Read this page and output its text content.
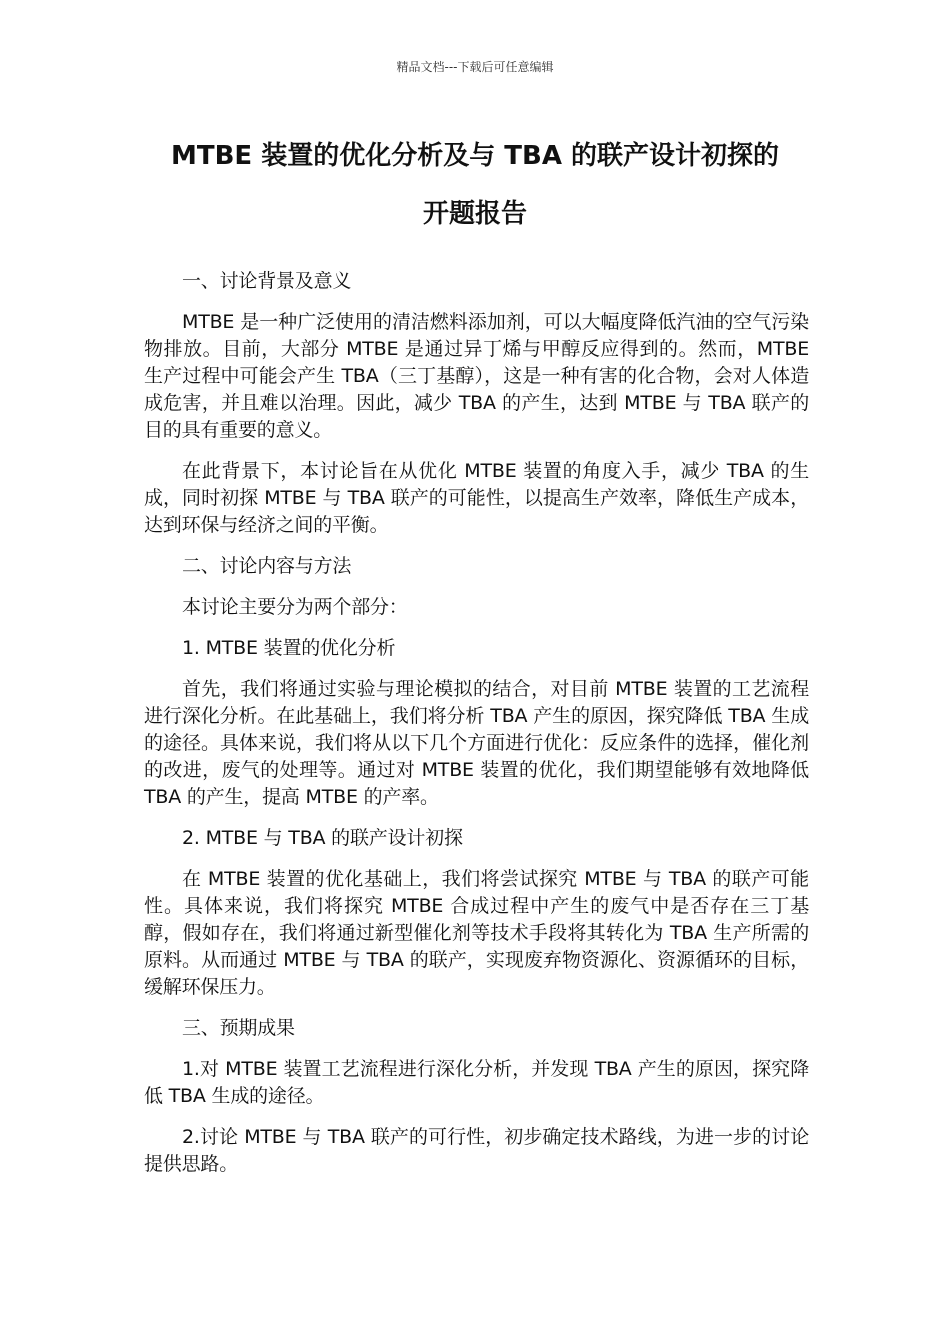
精品文档---下载后可任意编辑
MTBE 装置的优化分析及与 TBA 的联产设计初探的
开题报告

一、讨论背景及意义

MTBE 是一种广泛使用的清洁燃料添加剂，可以大幅度降低汽油的空气污染物排放。目前，大部分 MTBE 是通过异丁烯与甲醇反应得到的。然而，MTBE 生产过程中可能会产生 TBA（三丁基醇），这是一种有害的化合物，会对人体造成危害，并且难以治理。因此，减少 TBA 的产生，达到 MTBE 与 TBA 联产的目的具有重要的意义。

在此背景下，本讨论旨在从优化 MTBE 装置的角度入手，减少 TBA 的生成，同时初探 MTBE 与 TBA 联产的可能性，以提高生产效率，降低生产成本，达到环保与经济之间的平衡。

二、讨论内容与方法

本讨论主要分为两个部分：

1. MTBE 装置的优化分析

首先，我们将通过实验与理论模拟的结合，对目前 MTBE 装置的工艺流程进行深化分析。在此基础上，我们将分析 TBA 产生的原因，探究降低 TBA 生成的途径。具体来说，我们将从以下几个方面进行优化：反应条件的选择，催化剂的改进，废气的处理等。通过对 MTBE 装置的优化，我们期望能够有效地降低 TBA 的产生，提高 MTBE 的产率。

2. MTBE 与 TBA 的联产设计初探

在 MTBE 装置的优化基础上，我们将尝试探究 MTBE 与 TBA 的联产可能性。具体来说，我们将探究 MTBE 合成过程中产生的废气中是否存在三丁基醇，假如存在，我们将通过新型催化剂等技术手段将其转化为 TBA 生产所需的原料。从而通过 MTBE 与 TBA 的联产，实现废弃物资源化、资源循环的目标，缓解环保压力。

三、预期成果

1.对 MTBE 装置工艺流程进行深化分析，并发现 TBA 产生的原因，探究降低 TBA 生成的途径。

2.讨论 MTBE 与 TBA 联产的可行性，初步确定技术路线，为进一步的讨论提供思路。
